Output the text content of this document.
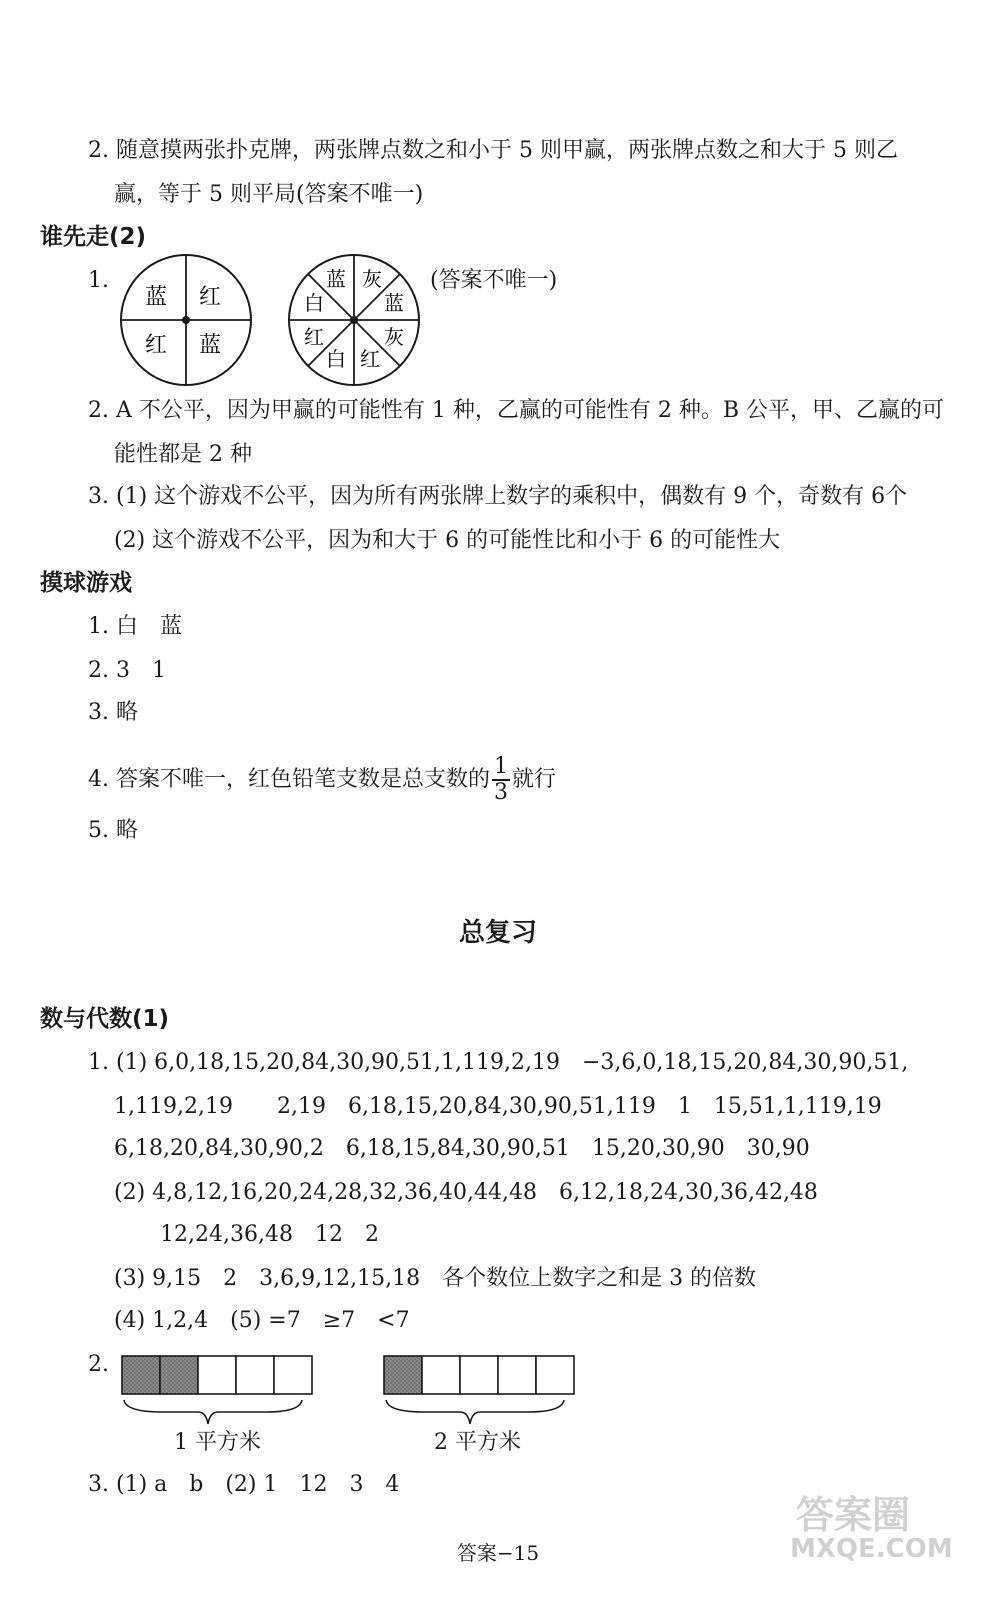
2. 随意摸两张扑克牌，两张牌点数之和小于 5 则甲赢，两张牌点数之和大于 5 则乙
赢，等于 5 则平局(答案不唯一)
谁先走(2)
1.
蓝 红
红 蓝
蓝 灰
蓝
灰
红
白
红
白
(答案不唯一)
2. A 不公平，因为甲赢的可能性有 1 种，乙赢的可能性有 2 种。B 公平，甲、乙赢的可
能性都是 2 种
3. (1) 这个游戏不公平，因为所有两张牌上数字的乘积中，偶数有 9 个，奇数有 6个
(2) 这个游戏不公平，因为和大于 6 的可能性比和小于 6 的可能性大
摸球游戏
1. 白　蓝
2. 3　1
3. 略
4. 答案不唯一，红色铅笔支数是总支数的 $\frac{1}{3}$ 就行
5. 略
总复习
数与代数(1)
1. (1) 6,0,18,15,20,84,30,90,51,1,119,2,19　−3,6,0,18,15,20,84,30,90,51,
1,119,2,19　　2,19　6,18,15,20,84,30,90,51,119　1　15,51,1,119,19
6,18,20,84,30,90,2　6,18,15,84,30,90,51　15,20,30,90　30,90
(2) 4,8,12,16,20,24,28,32,36,40,44,48　6,12,18,24,30,36,42,48
12,24,36,48　12　2
(3) 9,15　2　3,6,9,12,15,18　各个数位上数字之和是 3 的倍数
(4) 1,2,4　(5) =7　≥7　<7
2.
1 平方米	2 平方米
3. (1) a　b　(2) 1　12　3　4
答案−15
答案圈
MXQE.COM
